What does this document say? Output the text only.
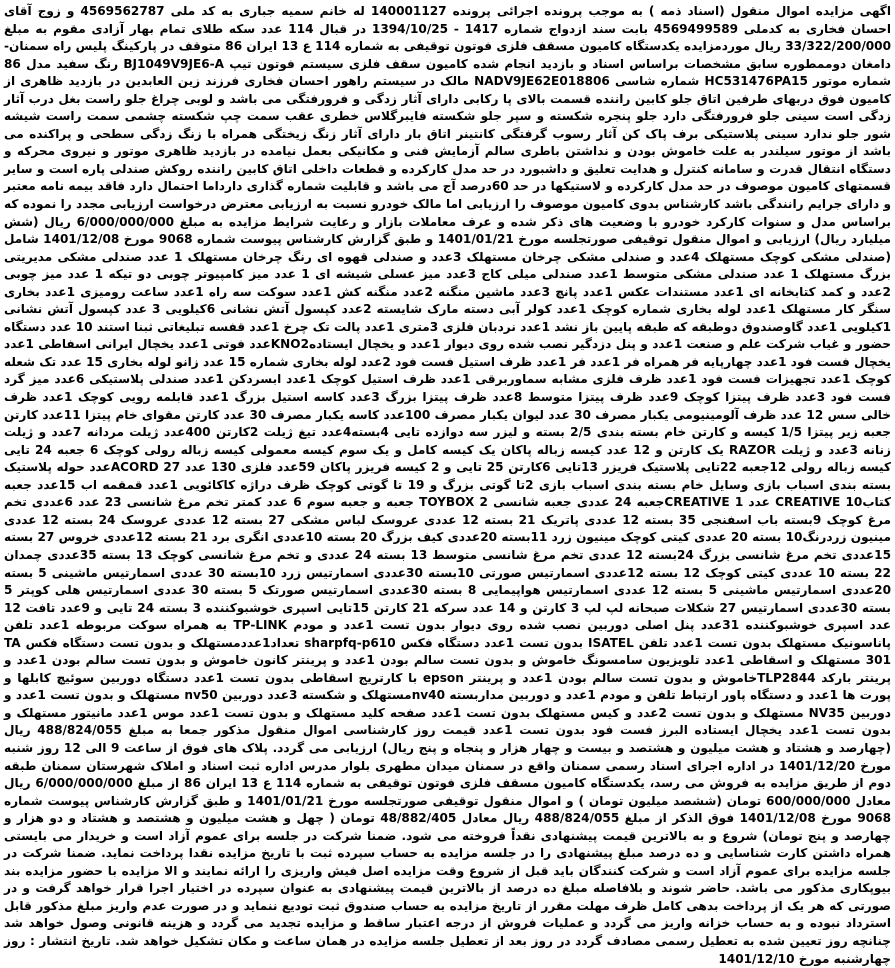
اگهی مزایده اموال منقول (اسناد ذمه ) به موجب پرونده اجرائی پرونده 140001127 له خانم سمیه جباری به کد ملی 4569562787 و زوج آقای احسان فخاری به کدملی 4569499589 بابت سند ازدواج شماره 1417 - 1394/10/25 در قبال 114 عدد سکه طلای تمام بهار آزادی مقوم به مبلغ 33/322/200/000 ریال موردمزایده یکدستگاه کامیون مسقف فلزی فوتون توقیفی به شماره 114 ع 13 ایران 86 متوقف در پارکینگ پلیس راه سمنان-دامغان دوممطوره سابق مشخصات براساس اسناد و بازدید انجام شده کامیون سقف فلزی سیستم فوتون تیپ BJ1049V9JE6-A رنگ سفید مدل 86 شماره موتور HC531476PA15 شماره شاسی NADV9JE62E018806 مالک در سیستم راهور احسان فخاری فرزند زین العابدین در بازدید ظاهری از کامیون فوق دربهای طرفین اتاق جلو کابین راننده قسمت بالای پا رکابی دارای آثار زدگی و فرورفتگی می باشد و لوبی چراغ جلو راست بغل درب آثار زدگی است سینی جلو فرورفتگی دارد جلو پنجره شکسته و سپر جلو شکسته فایبرگلاس خطری عقب سمت چپ شکسته چشمی سمت راست شیشه شور جلو ندارد سینی پلاستیکی برف پاک کن آثار رسوب گرفتگی کانتینر اتاق بار دارای آثار زنگ زیختگی همراه با زنگ زدگی سطحی و پراکنده می باشد از موتور سیلندر به علت خاموش بودن و نداشتن باطری سالم آزمایش فنی و مکانیکی بعمل نیامده در بازدید ظاهری موتور و نیروی محرکه و دستگاه انتقال قدرت و سامانه کنترل و هدایت تعلیق و داشبورد در حد مدل کارکرده و قطعات داخلی اتاق کابین راننده روکش صندلی پاره است و سایر قسمتهای کامیون موصوف در حد مدل کارکرده و لاستیکها در حد 60درصد آج می باشد و قابلیت شماره گذاری دارداما احتمال دارد فاقد بیمه نامه معتبر و دارای جرایم رانندگی باشد کارشناس بدوی کامیون موصوف را ارزیابی اما مالک خودرو نسبت به ارزیابی معترض درخواست ارزیابی مجدد را نموده که براساس مدل و سنوات کارکرد خودرو با وضعیت های ذکر شده و عرف معاملات بازار و رعایت شرایط مزایده به مبلغ 6/000/000/000 ریال (شش میلیارد ریال) ارزیابی و اموال منقول توقیفی صورتجلسه مورخ 1401/01/21 و طبق گزارش کارشناس پیوست شماره 9068 مورخ 1401/12/08 شامل (صندلی مشکی کوچک مستهلک 4عدد و صندلی مشکی چرخان مستهلک 3عدد و صندلی قهوه ای رنگ چرخان مستهلک 1 عدد صندلی مشکی مدیریتی بزرگ مستهلک 1 عدد صندلی مشکی متوسط 1عدد صندلی میلی کاج 3عدد میز عسلی شیشه ای 1 عدد میز کامپیوتر چوبی دو تیکه 1 عدد میز چوبی 2عدد و کمد کتابخانه ای 1عدد مستندات عکس 1عدد پانچ 3عدد ماشین منگنه 2عدد منگنه کش 1عدد سوکت سه راه 1عدد ساعت رومیزی 1عدد بخاری سنگر کار مستهلک 1عدد لوله بخاری شماره کوچک 1عدد کولر آبی دسته مارک شایسته 2عدد کپسول آتش نشانی 6کیلویی 3 عدد کپسول آتش نشانی 1کیلویی 1عدد گاوصندوق دوطبقه که طبقه پایین باز نشد 1عدد نردبان فلزی 3متری 1عدد پالت تک چرخ 1عدد قفسه تبلیغاتی ثبنا استند 10 عدد دستگاه حضور و غیاب شرکت علم و صنعت 1عدد و پنل دزدگیر نصب شده روی دیوار 1عدد و یخچال ایستادهKNO2عدد فوتی 1عدد یخچال ایرانی اسفاطی 1عدد یخچال فست فود 1عدد چهارپایه فر همراه فر 1عدد فر 1عدد ظرف استیل فست فود 2عدد لوله بخاری شماره 15 عدد زانو لوله بخاری 15 عدد تک شعله کوچک 1عدد تجهیزات فست فود 1عدد ظرف فلزی مشابه سماوربرقی 1عدد ظرف استیل کوچک 1عدد ابسردکن 1عدد صندلی پلاستیکی 6عدد میز گرد فست فود 3عدد ظرف پیتزا کوچک 9عدد ظرف پیتزا متوسط 8عدد ظرف پیتزا بزرگ 3عدد کاسه استیل بزرگ 1عدد قابلمه رویی کوچک 1عدد ظرف خالی سس 12 عدد ظرف آلومینیومی یکبار مصرف 30 عدد لیوان یکبار مصرف 100عدد کاسه یکبار مصرف 30 عدد کارتن مقوای خام پیتزا 11عدد کارتن جعبه زیر پیتزا 1/5 کیسه و کارتن خام بسته بندی 2/5 بسته و لیزر سه دوازده تایی 4بسته4عدد تیغ ژیلت 2کارتن 400عدد ژیلت مردانه 7عدد و ژیلت زنانه 3عدد و ژیلت RAZOR یک کارتن و 12 عدد کیسه زباله پاکان یک کیسه کامل و یک سوم کیسه معمولی کیسه زباله رولی کوچک 6 جعبه 24 تایی کیسه زباله رولی 12جعبه 22تایی پلاستیک فریزر 13تایی 6کارتن 25 تایی و 2 کیسه فریزر پاکان 59عدد فلزی 130 عدد ACORD 27عدد حوله پلاستیک بسته بندی اسباب بازی وسایل خام بسته بندی اسباب بازی 2تا گوتی بزرگ و 19 تا گوتی کوچک ظرف دراژه کاکائویی 1عدد قمقمه اب 15عدد جعبه کتابCREATIVE 10 عدد 1 CREATIVEجعبه 24 عددی جعبه شانسی TOYBOX 2 جعبه و جعبه سوم 6 عدد کمتر تخم مرغ شانسی 23 عدد 6عددی تخم مرغ کوچک 9بسته باب اسفنجی 35 بسته 12 عددی پاتریک 21 بسته 12 عددی عروسک لباس مشکی 27 بسته 12 عددی عروسک 24 بسته 12 عددی مینیون زردرنگ10 بسته 20 عددی کیتی کوچک مینیون زرد 11بسته 20عددی کیف بزرگ 20 بسته 10عددی انگری برد 21 بسته 12عددی خروس 27 بسته 15عددی تخم مرغ شانسی بزرگ 24بسته 12 عددی تخم مرغ شانسی متوسط 13 بسته 24 عددی و تخم مرغ شانسی کوچک 13 بسته 35عددی چمدان 22 بسته 10 عددی کیتی کوچک 12 بسته 12عددی اسمارتیس صورتی 10بسته 30عددی اسمارتیس زرد 10بسته 30 عددی اسمارتیس ماشینی 5 بسته 20عددی اسمارتیس ماشینی 5 بسته 12 عددی اسمارتیس هواپیمایی 8 بسته 30عددی اسمارتیس صورتک 5 بسته 30 عددی اسمارتیس هلی کوپتر 5 بسته 30عددی اسمارتیس 27 شکلات صبحانه لپ لپ 3 کارتن و 14 عدد سرکه 21 کارتن 15تایی اسپری خوشبوکننده 3 بسته 24 تایی و 9عدد تافت 12 عدد اسپری خوشبوکننده 31عدد پنل اصلی دوربین نصب شده روی دیوار بدون تست 1عدد و مودم TP-LINK به همراه سوکت مربوطه 1عدد تلفن پاناسونیک مستهلک بدون تست 1عدد تلفن ISATEL بدون تست 1عدد دستگاه فکس sharpfq-p610 تعداد1عددمستهلک و بدون تست دستگاه فکس TA 301 مستهلک و اسقاطی 1عدد تلویزیون سامسونگ خاموش و بدون تست سالم بودن 1عدد و پرینتر کانون خاموش و بدون تست سالم بودن 1عدد و پرینتر بارکد TLP2844خاموش و بدون تست سالم بودن 1عدد و پرینتر epson با کارتریج اسقاطی بدون تست 1عدد دستگاه دوربین سوئیچ کابلها و پورت ها 1عدد و دستگاه پاور ارتباط تلفن و مودم 1عدد و دوربین مداربسته nv40مستهلک و شکسته 3عدد دوربین nv50 مستهلک و بدون تست 1عدد و دوربین NV35 مستهلک و بدون تست 2عدد و کیس مستهلک بدون تست 1عدد صفحه کلید مستهلک و بدون تست 1عدد موس 1عدد مانیتور مستهلک و بدون تست 1عدد یخچال ایستاده البرز فست فود بدون تست 1عدد قیمت روز کارشناسی اموال منقول مذکور جمعا به مبلغ 488/824/055 ریال (چهارصد و هشتاد و هشت میلیون و هشتصد و بیست و چهار هزار و پنجاه و پنج ریال) ارزیابی می گردد. پلاک های فوق از ساعت 9 الی 12 روز شنبه مورخ 1401/12/20 در اداره اجرای اسناد رسمی سمنان واقع در سمنان میدان مطهری بلوار مدرس اداره ثبت اسناد و املاک شهرستان سمنان طبقه دوم از طریق مزایده به فروش می رسد، یکدستگاه کامیون مسقف فلزی فوتون توقیفی به شماره 114 ع 13 ایران 86 از مبلغ 6/000/000/000 ریال معادل 600/000/000 تومان (ششصد میلیون تومان ) و اموال منقول توقیفی صورتجلسه مورخ 1401/01/21 و طبق گزارش کارشناس پیوست شماره 9068 مورخ 1401/12/08 فوق الذکر از مبلغ 488/824/055 ریال معادل 48/882/405 تومان ( چهل و هشت میلیون و هشتصد و هشتاد و دو هزار و چهارصد و پنج تومان) شروع و به بالاترین قیمت پیشنهادی نقداً فروخته می شود. ضمنا شرکت در جلسه برای عموم آزاد است و خریدار می بایستی همراه داشتن کارت شناسایی و ده درصد مبلغ پیشنهادی را در جلسه مزایده به حساب سپرده ثبت با تاریخ مزایده نقدا پرداخت نماید. ضمنا شرکت در جلسه مزایده برای عموم آزاد است و شرکت کنندگان باید قبل از شروع وقت مزایده اصل فیش واریزی را ارائه نمایند و الا مزایده با حضور مزایده بند بیوپکاری مذکور می باشد. حاضر شوند و بلافاصله مبلغ ده درصد از بالاترین قیمت پیشنهادی به عنوان سپرده در اختیار اجرا قرار خواهد گرفت و در صورتی که هر یک از پرداخت بدهی کامل ظرف مهلت مقرر از تاریخ مزایده به حساب صندوق ثبت تودیع ننماید و در صورت عدم واریز مبلغ مذکور قابل استرداد نبوده و به حساب خزانه واریز می گردد و عملیات فروش از درجه اعتبار ساقط و مزایده تجدید می گردد و هزینه قانونی وصول خواهد شد چنانچه روز تعیین شده به تعطیل رسمی مصادف گردد در روز بعد از تعطیل جلسه مزایده در همان ساعت و مکان تشکیل خواهد شد. تاریخ انتشار : روز چهارشنبه مورخ 1401/12/10
